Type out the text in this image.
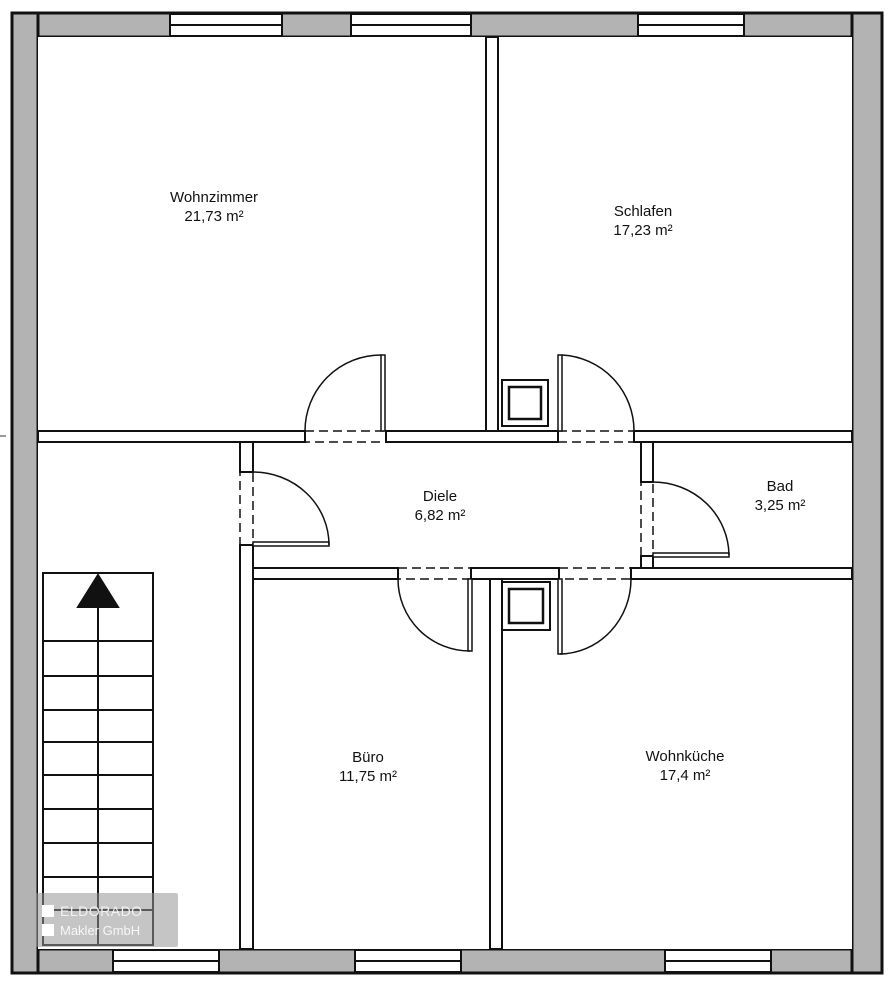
Wohnzimmer
21,73 m²	Schlafen
17,23 m²
Diele
6,82 m²
Bad
3,25 m²
Büro
11,75 m²
Wohnküche
17,4 m²
ELDORADO
Makler GmbH
